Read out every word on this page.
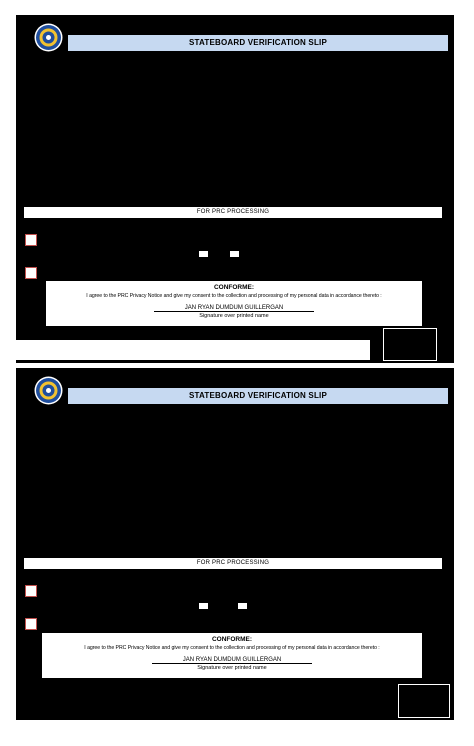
STATEBOARD VERIFICATION SLIP
FOR PRC PROCESSING
CONFORME:
I agree to the PRC Privacy Notice and give my consent to the collection and processing of my personal data in accordance thereto :
JAN RYAN DUMDUM GUILLERGAN
Signature over printed name
STATEBOARD VERIFICATION SLIP
FOR PRC PROCESSING
CONFORME:
I agree to the PRC Privacy Notice and give my consent to the collection and processing of my personal data in accordance thereto :
JAN RYAN DUMDUM GUILLERGAN
Signature over printed name
